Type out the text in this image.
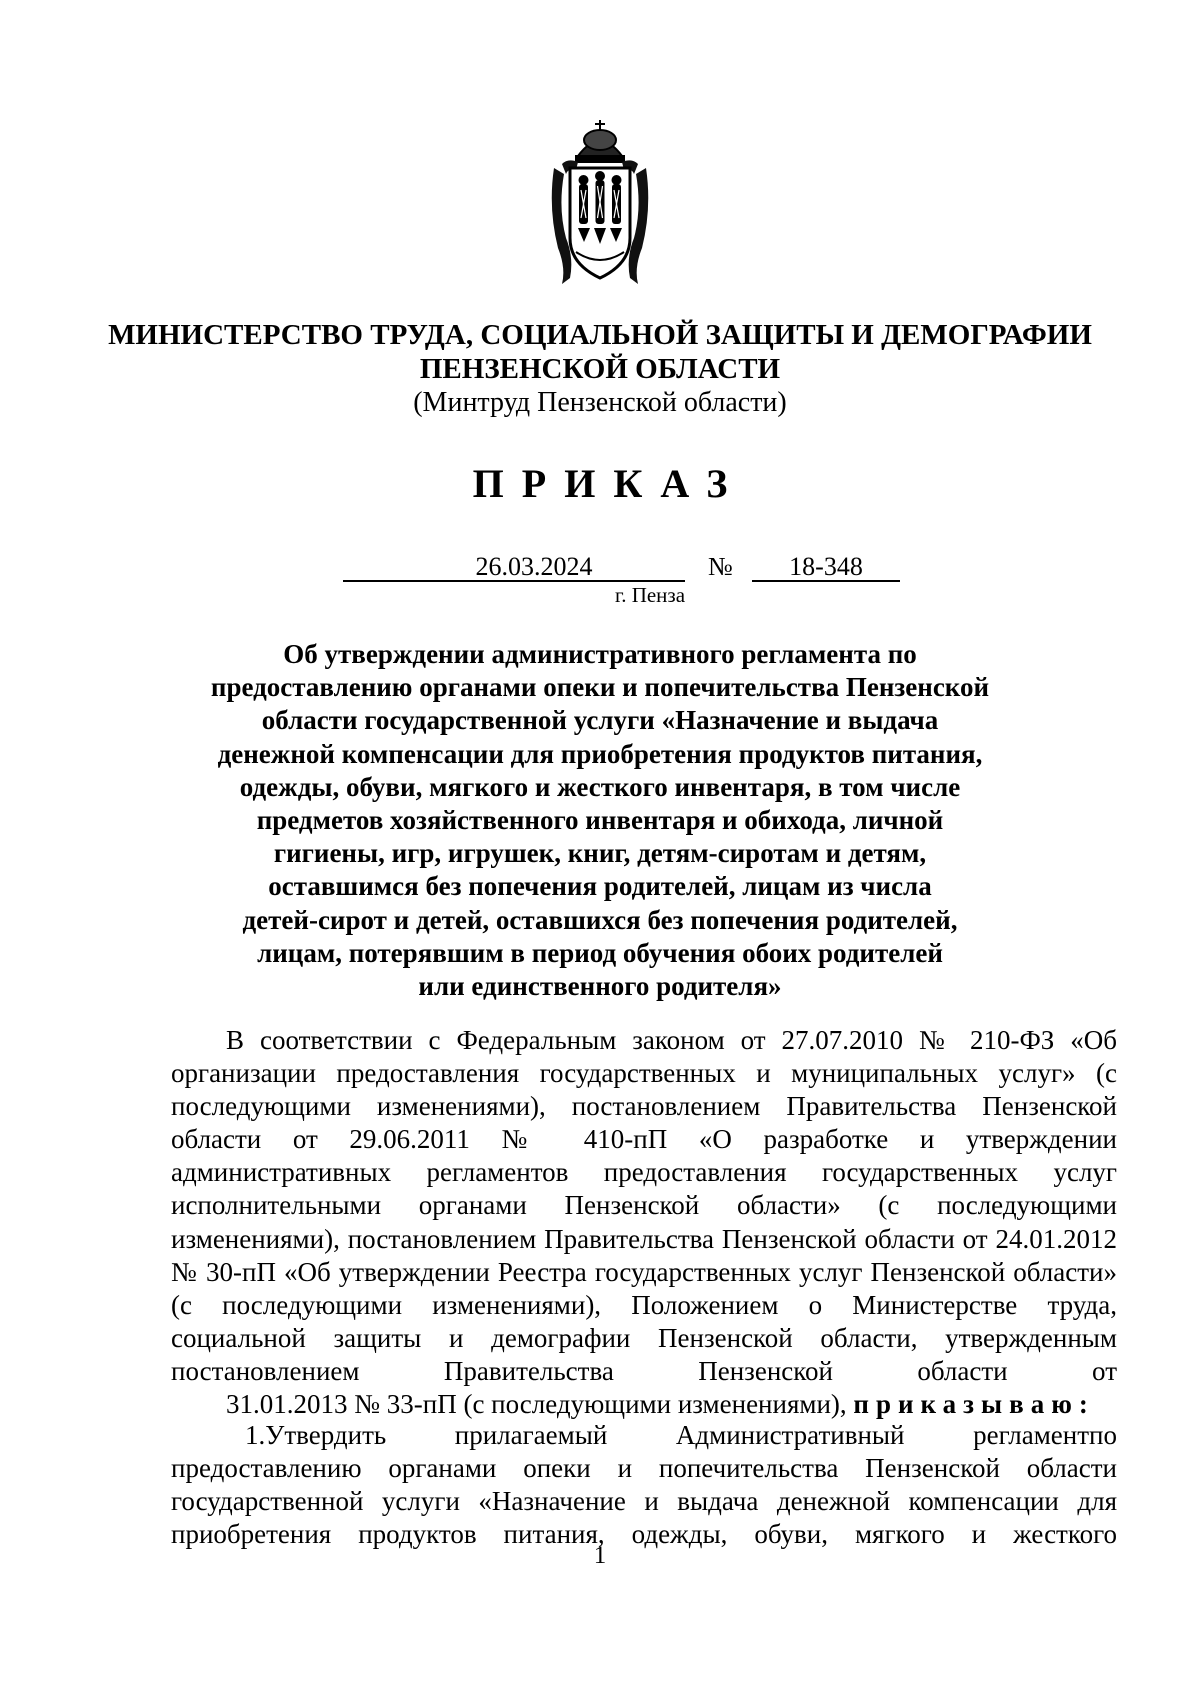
МИНИСТЕРСТВО ТРУДА, СОЦИАЛЬНОЙ ЗАЩИТЫ И ДЕМОГРАФИИ
ПЕНЗЕНСКОЙ ОБЛАСТИ
(Минтруд Пензенской области)
ПРИКАЗ
26.03.2024	№	18-348
г. Пенза
Об утверждении административного регламента по
предоставлению органами опеки и попечительства Пензенской
области государственной услуги «Назначение и выдача
денежной компенсации для приобретения продуктов питания,
одежды, обуви, мягкого и жесткого инвентаря, в том числе
предметов хозяйственного инвентаря и обихода, личной
гигиены, игр, игрушек, книг, детям-сиротам и детям,
оставшимся без попечения родителей, лицам из числа
детей-сирот и детей, оставшихся без попечения родителей,
лицам, потерявшим в период обучения обоих родителей
или единственного родителя»
В соответствии с Федеральным законом от 27.07.2010 № 210-ФЗ «Об организации предоставления государственных и муниципальных услуг» (с последующими изменениями), постановлением Правительства Пензенской области от 29.06.2011 № 410-пП «О разработке и утверждении административных регламентов предоставления государственных услуг исполнительными органами Пензенской области» (с последующими изменениями), постановлением Правительства Пензенской области от 24.01.2012 № 30-пП «Об утверждении Реестра государственных услуг Пензенской области» (с последующими изменениями), Положением о Министерстве труда, социальной защиты и демографии Пензенской области, утвержденным постановлением Правительства Пензенской области от
31.01.2013 № 33-пП (с последующими изменениями), приказываю:
1.Утвердить прилагаемый Административный регламентпо предоставлению органами опеки и попечительства Пензенской области государственной услуги «Назначение и выдача денежной компенсации для приобретения продуктов питания, одежды, обуви, мягкого и жесткого
1
